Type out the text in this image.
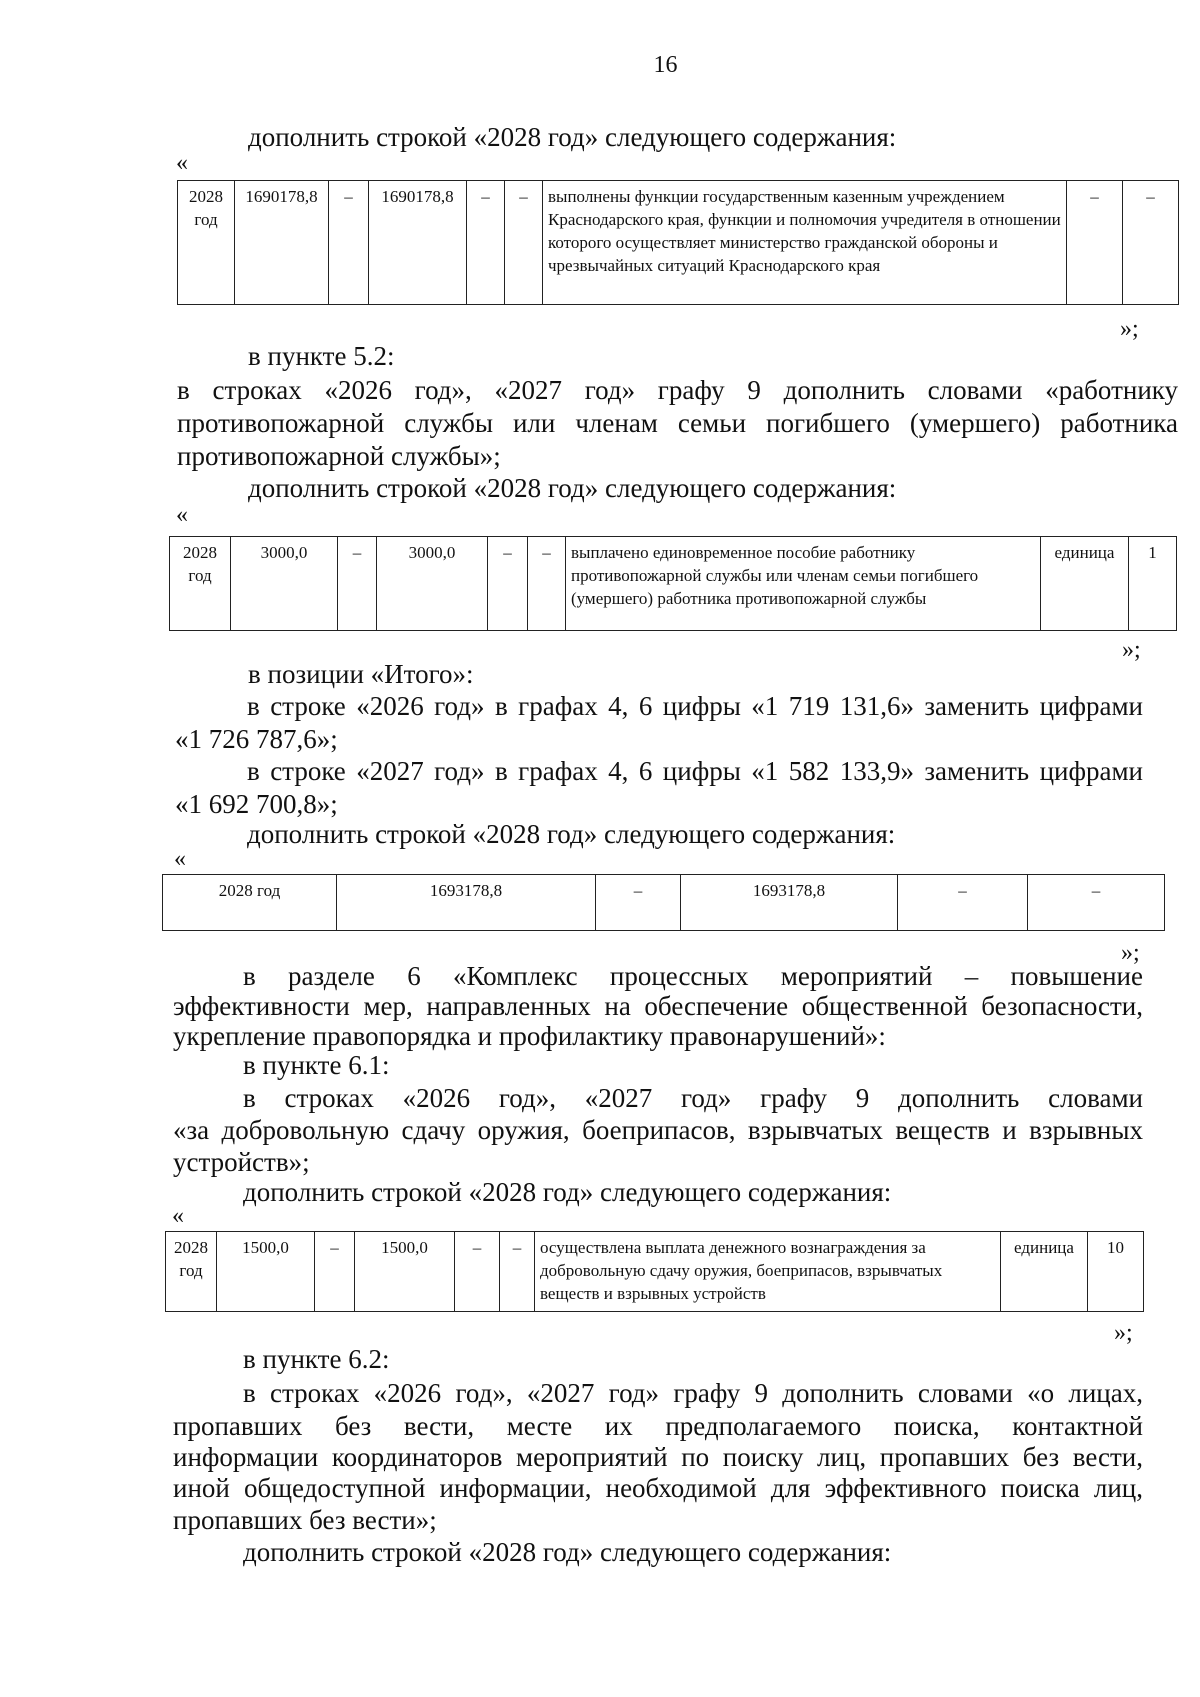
16
дополнить строкой «2028 год» следующего содержания:
«
2028 год	1690178,8	–	1690178,8	–	–	выполнены функции государственным казенным учреждением Краснодарского края, функции и полномочия учредителя в отношении которого осуществляет министерство гражданской обороны и чрезвычайных ситуаций Краснодарского края	–	–
»;
в пункте 5.2:
в строках «2026 год», «2027 год» графу 9 дополнить словами «работнику
противопожарной службы или членам семьи погибшего (умершего) работника
противопожарной службы»;
дополнить строкой «2028 год» следующего содержания:
«
2028 год	3000,0	–	3000,0	–	–	выплачено единовременное пособие работнику противопожарной службы или членам семьи погибшего (умершего) работника противопожарной службы	единица	1
»;
в позиции «Итого»:
в строке «2026 год» в графах 4, 6 цифры «1 719 131,6» заменить цифрами
«1 726 787,6»;
в строке «2027 год» в графах 4, 6 цифры «1 582 133,9» заменить цифрами
«1 692 700,8»;
дополнить строкой «2028 год» следующего содержания:
«
2028 год	1693178,8	–	1693178,8	–	–
»;
в разделе 6 «Комплекс процессных мероприятий – повышение
эффективности мер, направленных на обеспечение общественной безопасности,
укрепление правопорядка и профилактику правонарушений»:
в пункте 6.1:
в строках «2026 год», «2027 год» графу 9 дополнить словами
«за добровольную сдачу оружия, боеприпасов, взрывчатых веществ и взрывных
устройств»;
дополнить строкой «2028 год» следующего содержания:
«
2028 год	1500,0	–	1500,0	–	–	осуществлена выплата денежного вознаграждения за добровольную сдачу оружия, боеприпасов, взрывчатых веществ и взрывных устройств	единица	10
»;
в пункте 6.2:
в строках «2026 год», «2027 год» графу 9 дополнить словами «о лицах,
пропавших без вести, месте их предполагаемого поиска, контактной
информации координаторов мероприятий по поиску лиц, пропавших без вести,
иной общедоступной информации, необходимой для эффективного поиска лиц,
пропавших без вести»;
дополнить строкой «2028 год» следующего содержания:
